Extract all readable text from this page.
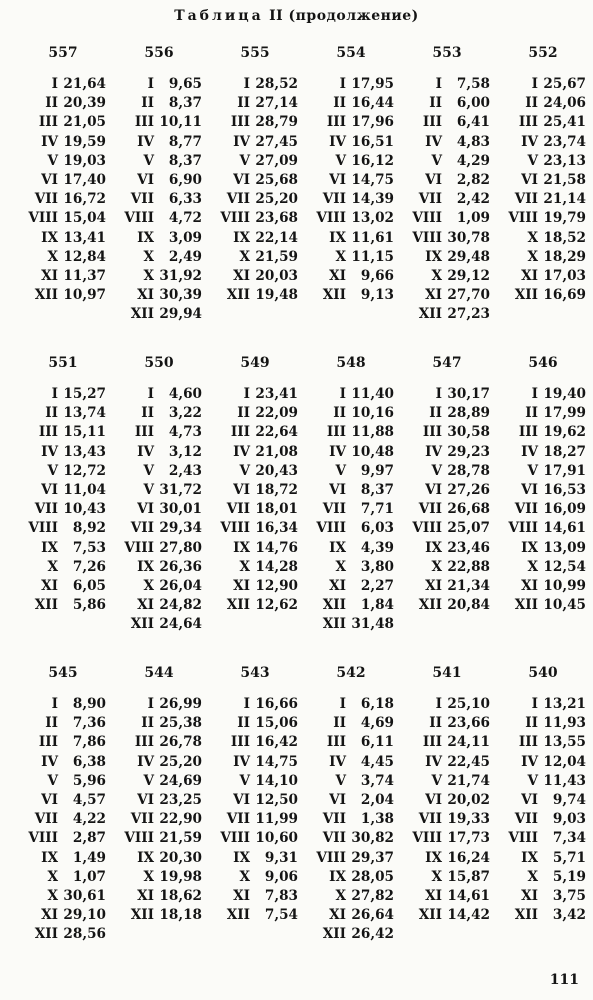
Таблица II (продолжение)
557
I 21,64
II 20,39
III 21,05
IV 19,59
V 19,03
VI 17,40
VII 16,72
VIII 15,04
IX 13,41
X 12,84
XI 11,37
XII 10,97
556
I	9,65
II	8,37
III 10,11
IV	8,77
V	8,37
VI	6,90
VII	6,33
VIII	4,72
IX	3,09
X	2,49
X 31,92
XI 30,39
XII 29,94
555
I 28,52
II 27,14
III 28,79
IV 27,45
V 27,09
VI 25,68
VII 25,20
VIII 23,68
IX 22,14
X 21,59
XI 20,03
XII 19,48
554
I 17,95
II 16,44
III 17,96
IV 16,51
V 16,12
VI 14,75
VII 14,39
VIII 13,02
IX 11,61
X 11,15
XI	9,66
XII	9,13
553
I	7,58
II	6,00
III	6,41
IV	4,83
V	4,29
VI	2,82
VII	2,42
VIII	1,09
VIII 30,78
IX 29,48
X 29,12
XI 27,70
XII 27,23
552
I 25,67
II 24,06
III 25,41
IV 23,74
V 23,13
VI 21,58
VII 21,14
VIII 19,79
X 18,52
X 18,29
XI 17,03
XII 16,69
551
I 15,27
II 13,74
III 15,11
IV 13,43
V 12,72
VI 11,04
VII 10,43
VIII	8,92
IX	7,53
X	7,26
XI	6,05
XII	5,86
550
I	4,60
II	3,22
III	4,73
IV	3,12
V	2,43
V 31,72
VI 30,01
VII 29,34
VIII 27,80
IX 26,36
X 26,04
XI 24,82
XII 24,64
549
I 23,41
II 22,09
III 22,64
IV 21,08
V 20,43
VI 18,72
VII 18,01
VIII 16,34
IX 14,76
X 14,28
XI 12,90
XII 12,62
548
I 11,40
II 10,16
III 11,88
IV 10,48
V	9,97
VI	8,37
VII	7,71
VIII	6,03
IX	4,39
X	3,80
XI	2,27
XII	1,84
XII 31,48
547
I 30,17
II 28,89
III 30,58
IV 29,23
V 28,78
VI 27,26
VII 26,68
VIII 25,07
IX 23,46
X 22,88
XI 21,34
XII 20,84
546
I 19,40
II 17,99
III 19,62
IV 18,27
V 17,91
VI 16,53
VII 16,09
VIII 14,61
IX 13,09
X 12,54
XI 10,99
XII 10,45
545
I	8,90
II	7,36
III	7,86
IV	6,38
V	5,96
VI	4,57
VII	4,22
VIII	2,87
IX	1,49
X	1,07
X 30,61
XI 29,10
XII 28,56
544
I 26,99
II 25,38
III 26,78
IV 25,20
V 24,69
VI 23,25
VII 22,90
VIII 21,59
IX 20,30
X 19,98
XI 18,62
XII 18,18
543
I 16,66
II 15,06
III 16,42
IV 14,75
V 14,10
VI 12,50
VII 11,99
VIII 10,60
IX	9,31
X	9,06
XI	7,83
XII	7,54
542
I	6,18
II	4,69
III	6,11
IV	4,45
V	3,74
VI	2,04
VII	1,38
VII 30,82
VIII 29,37
IX 28,05
X 27,82
XI 26,64
XII 26,42
541
I 25,10
II 23,66
III 24,11
IV 22,45
V 21,74
VI 20,02
VII 19,33
VIII 17,73
IX 16,24
X 15,87
XI 14,61
XII 14,42
540
I 13,21
II 11,93
III 13,55
IV 12,04
V 11,43
VI	9,74
VII	9,03
VIII	7,34
IX	5,71
X	5,19
XI	3,75
XII	3,42
111
